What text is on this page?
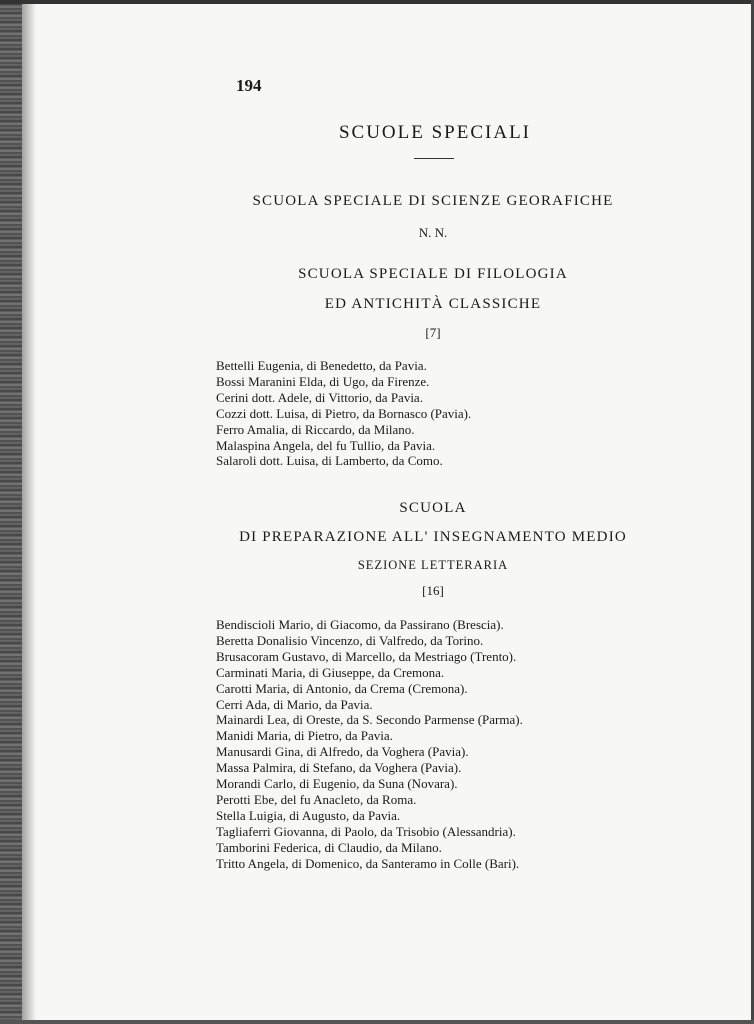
194
SCUOLE SPECIALI
SCUOLA SPECIALE DI SCIENZE GEORAFICHE
N. N.
SCUOLA SPECIALE DI FILOLOGIA
ED ANTICHITÀ CLASSICHE
[7]
Bettelli Eugenia, di Benedetto, da Pavia.
Bossi Maranini Elda, di Ugo, da Firenze.
Cerini dott. Adele, di Vittorio, da Pavia.
Cozzi dott. Luisa, di Pietro, da Bornasco (Pavia).
Ferro Amalia, di Riccardo, da Milano.
Malaspina Angela, del fu Tullio, da Pavia.
Salaroli dott. Luisa, di Lamberto, da Como.
SCUOLA
DI PREPARAZIONE ALL' INSEGNAMENTO MEDIO
SEZIONE LETTERARIA
[16]
Bendiscioli Mario, di Giacomo, da Passirano (Brescia).
Beretta Donalisio Vincenzo, di Valfredo, da Torino.
Brusacoram Gustavo, di Marcello, da Mestriago (Trento).
Carminati Maria, di Giuseppe, da Cremona.
Carotti Maria, di Antonio, da Crema (Cremona).
Cerri Ada, di Mario, da Pavia.
Mainardi Lea, di Oreste, da S. Secondo Parmense (Parma).
Manidi Maria, di Pietro, da Pavia.
Manusardi Gina, di Alfredo, da Voghera (Pavia).
Massa Palmira, di Stefano, da Voghera (Pavia).
Morandi Carlo, di Eugenio, da Suna (Novara).
Perotti Ebe, del fu Anacleto, da Roma.
Stella Luigia, di Augusto, da Pavia.
Tagliaferri Giovanna, di Paolo, da Trisobio (Alessandria).
Tamborini Federica, di Claudio, da Milano.
Tritto Angela, di Domenico, da Santeramo in Colle (Bari).
